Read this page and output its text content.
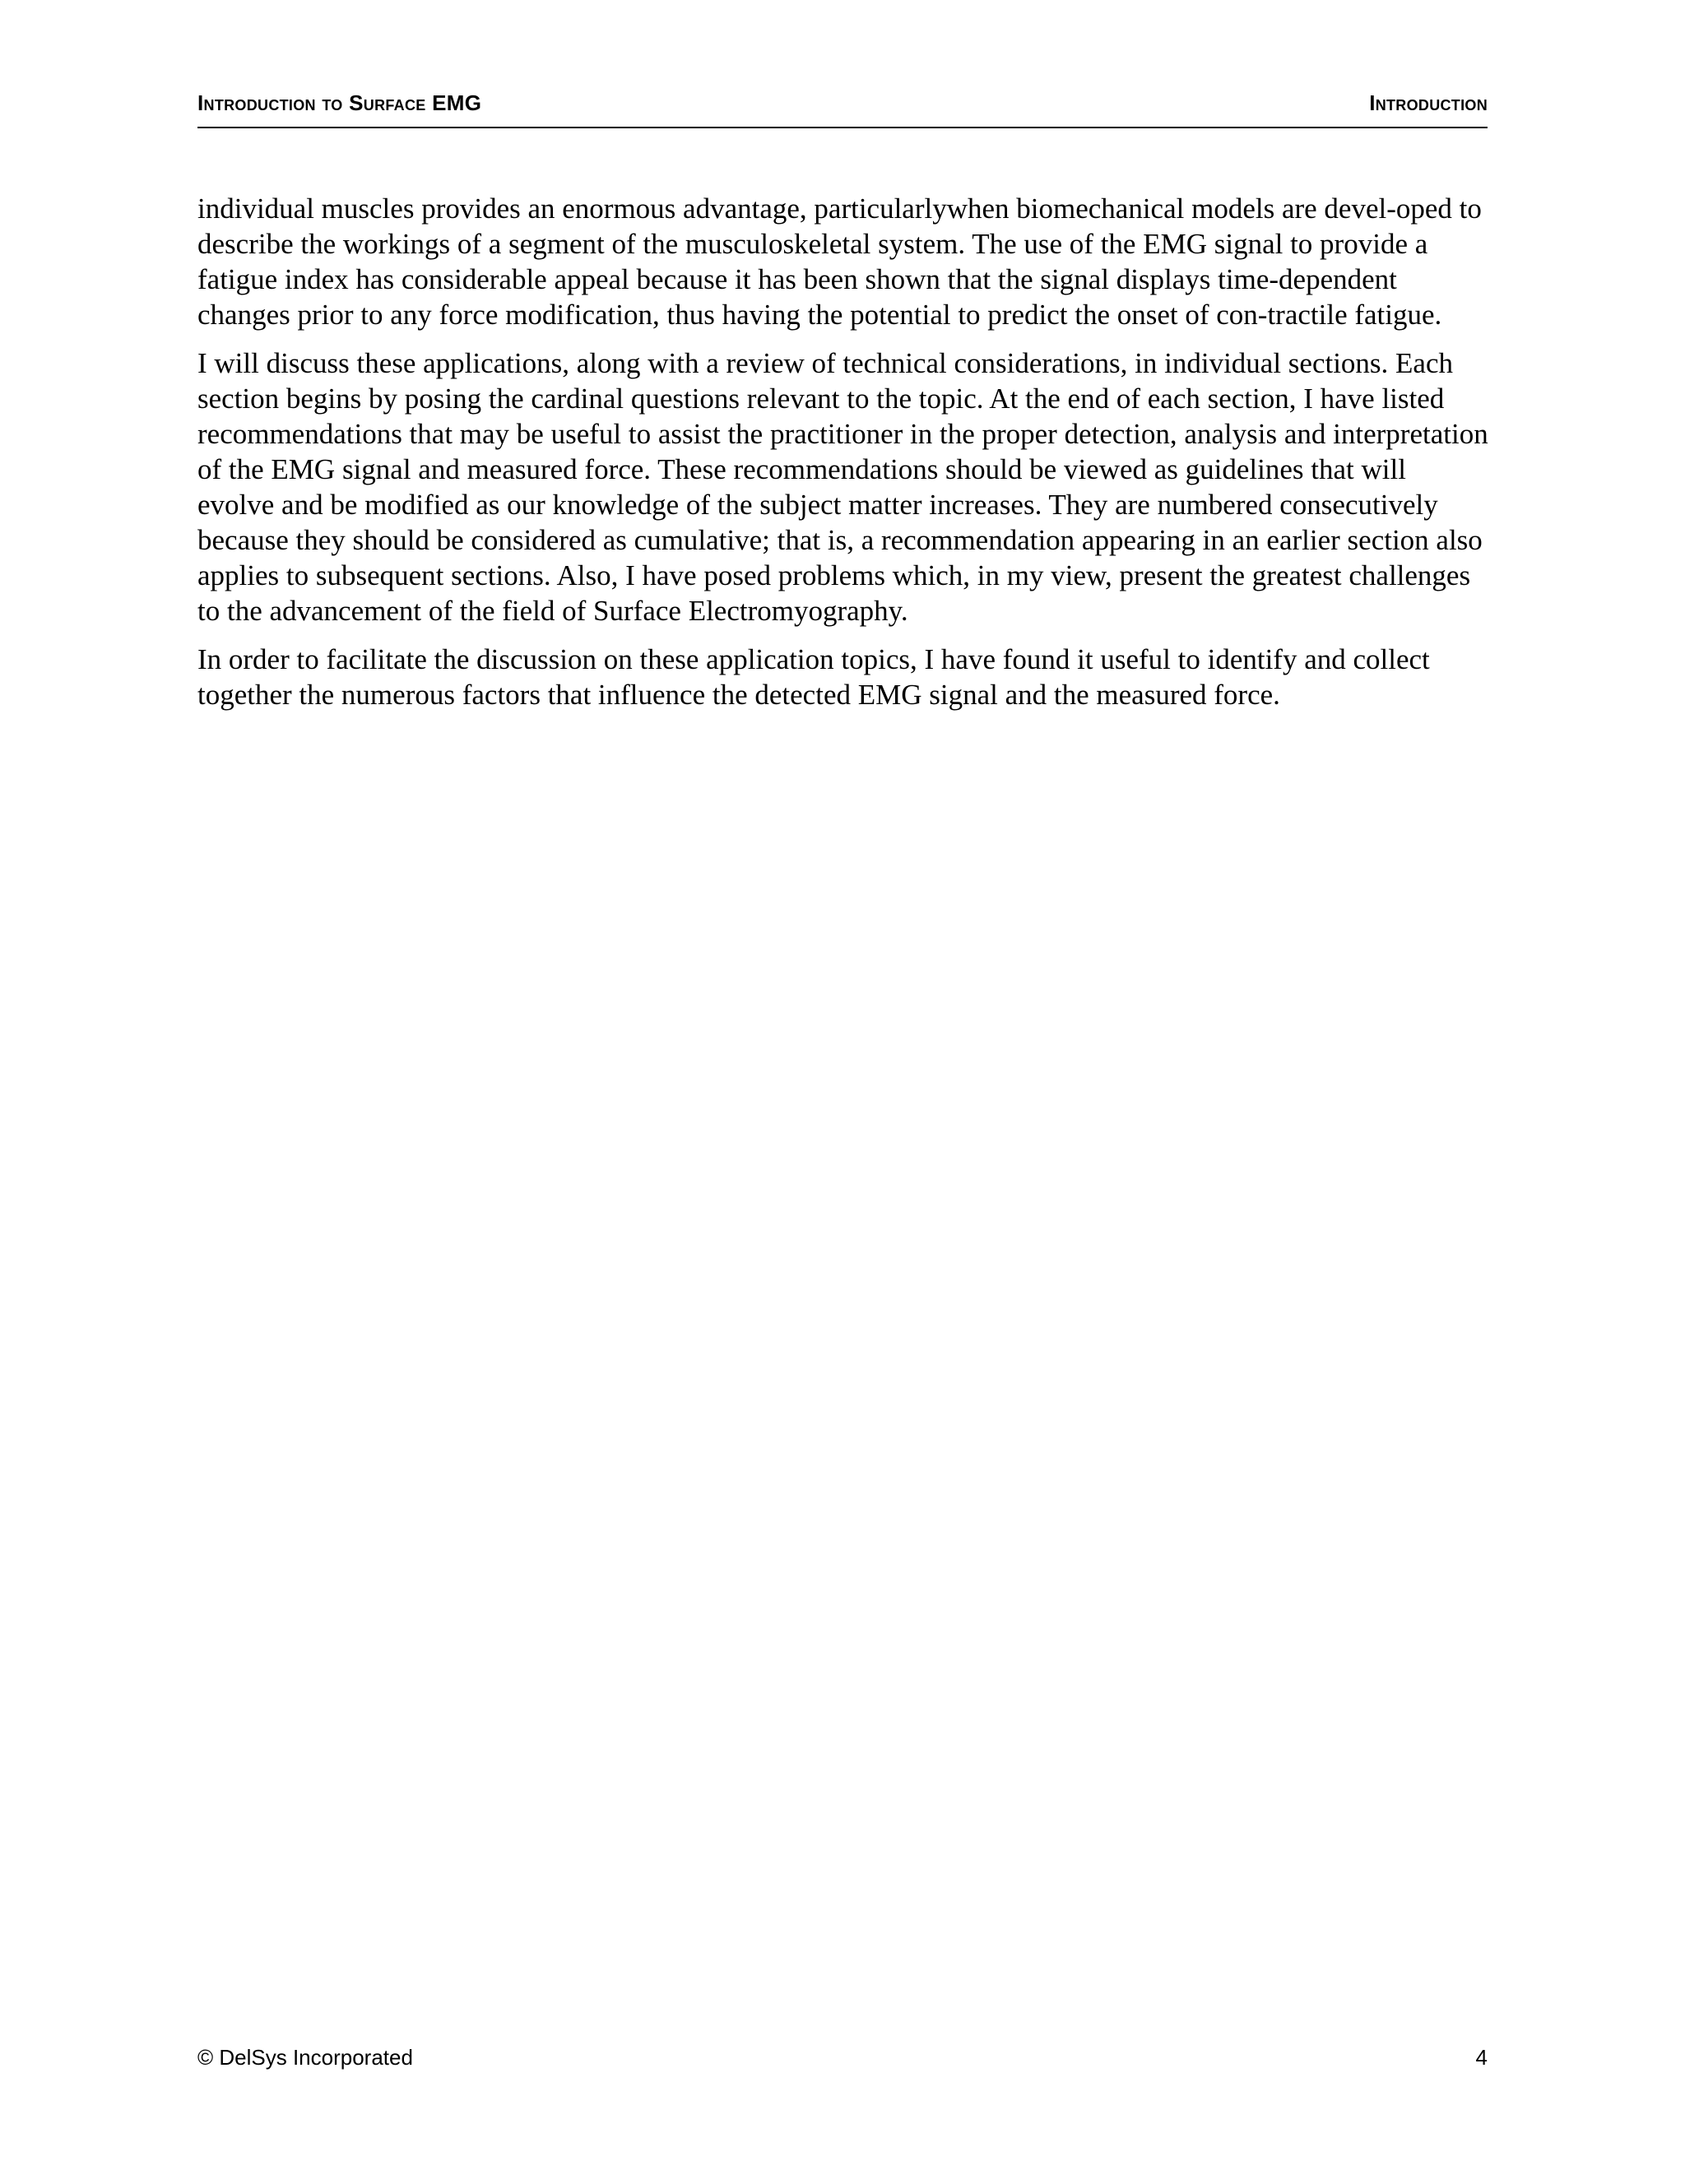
Introduction to Surface EMG	Introduction

individual muscles provides an enormous advantage, particularlywhen biomechanical models are devel-oped to describe the workings of a segment of the musculoskeletal system. The use of the EMG signal to provide a fatigue index has considerable appeal because it has been shown that the signal displays time-dependent changes prior to any force modification, thus having the potential to predict the onset of con-tractile fatigue.

I will discuss these applications, along with a review of technical considerations, in individual sections. Each section begins by posing the cardinal questions relevant to the topic. At the end of each section, I have listed recommendations that may be useful to assist the practitioner in the proper detection, analysis and interpretation of the EMG signal and measured force. These recommendations should be viewed as guidelines that will evolve and be modified as our knowledge of the subject matter increases. They are numbered consecutively because they should be considered as cumulative; that is, a recommendation appearing in an earlier section also applies to subsequent sections. Also, I have posed problems which, in my view, present the greatest challenges to the advancement of the field of Surface Electromyography.

In order to facilitate the discussion on these application topics, I have found it useful to identify and collect together the numerous factors that influence the detected EMG signal and the measured force.

© DelSys Incorporated	4
